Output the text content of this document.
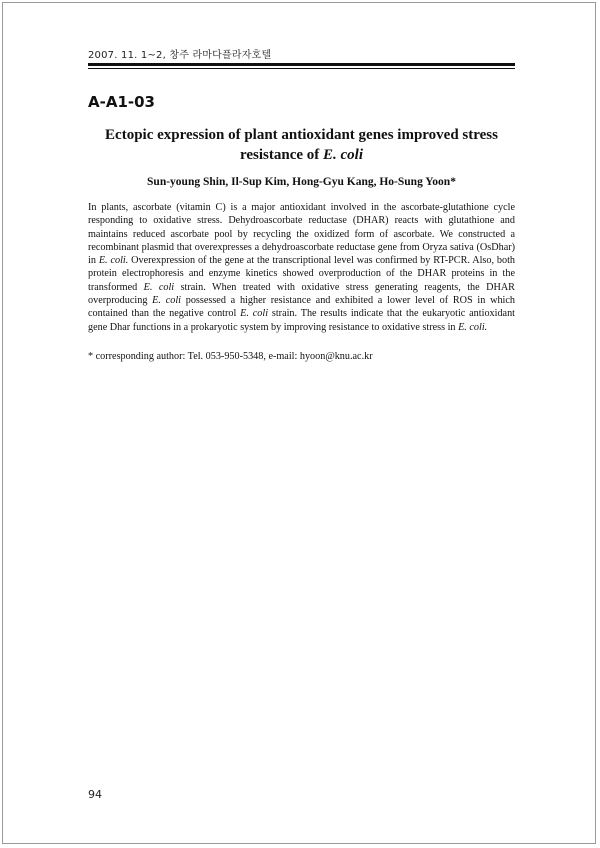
2007. 11. 1~2, 창주 라마다플라자호텔
A-A1-03
Ectopic expression of plant antioxidant genes improved stress resistance of E. coli
Sun-young Shin, Il-Sup Kim, Hong-Gyu Kang, Ho-Sung Yoon*
In plants, ascorbate (vitamin C) is a major antioxidant involved in the ascorbate-glutathione cycle responding to oxidative stress. Dehydroascorbate reductase (DHAR) reacts with glutathione and maintains reduced ascorbate pool by recycling the oxidized form of ascorbate. We constructed a recombinant plasmid that overexpresses a dehydroascorbate reductase gene from Oryza sativa (OsDhar) in E. coli. Overexpression of the gene at the transcriptional level was confirmed by RT-PCR. Also, both protein electrophoresis and enzyme kinetics showed overproduction of the DHAR proteins in the transformed E. coli strain. When treated with oxidative stress generating reagents, the DHAR overproducing E. coli possessed a higher resistance and exhibited a lower level of ROS in which contained than the negative control E. coli strain. The results indicate that the eukaryotic antioxidant gene Dhar functions in a prokaryotic system by improving resistance to oxidative stress in E. coli.
* corresponding author: Tel. 053-950-5348, e-mail: hyoon@knu.ac.kr
94
